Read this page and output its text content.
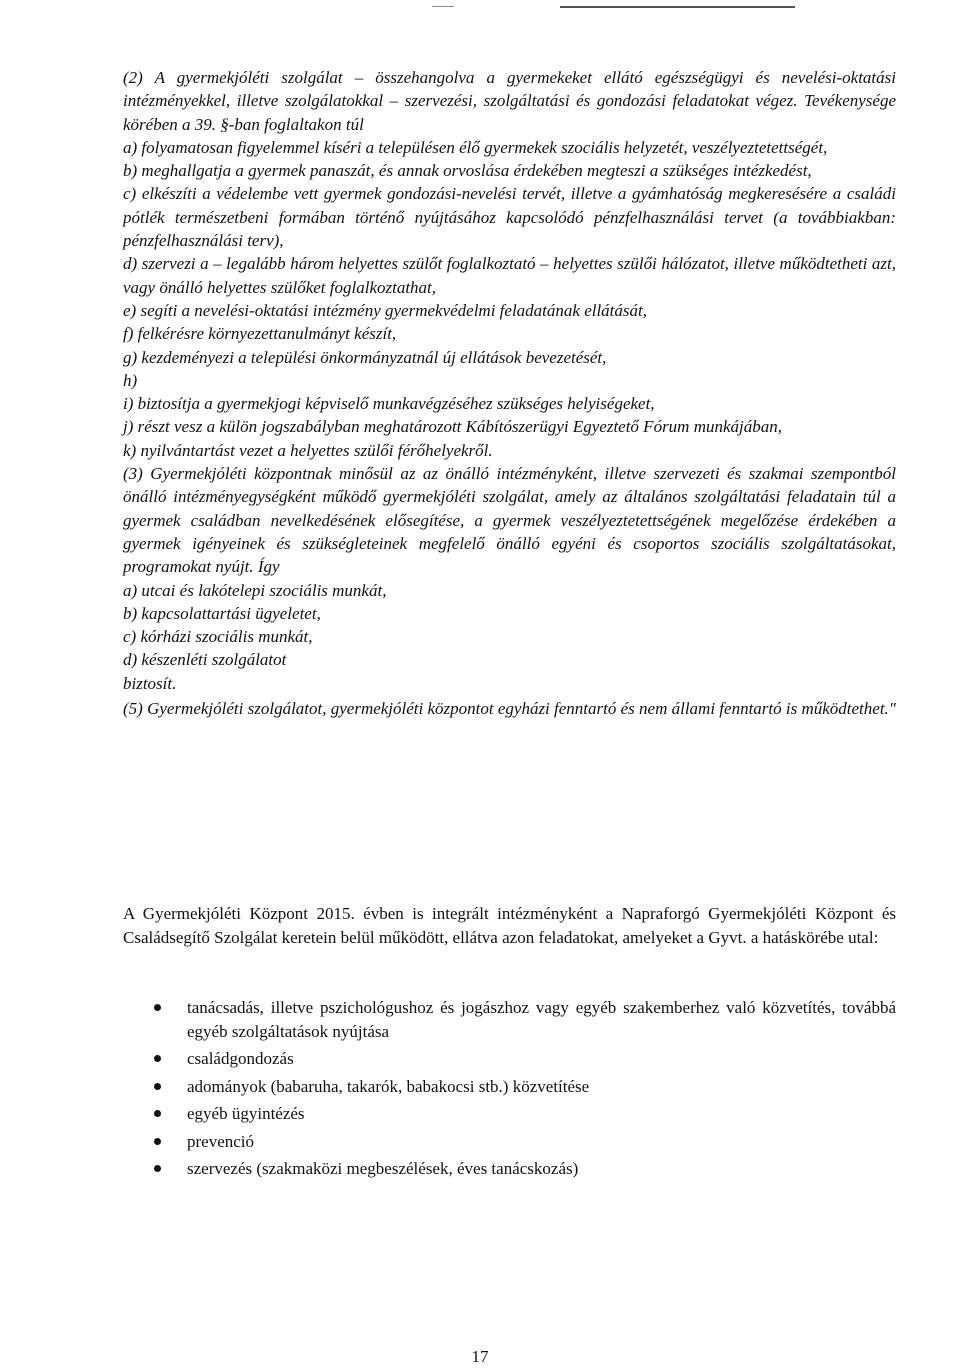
(2) A gyermekjóléti szolgálat – összehangolva a gyermekeket ellátó egészségügyi és nevelési-oktatási intézményekkel, illetve szolgálatokkal – szervezési, szolgáltatási és gondozási feladatokat végez. Tevékenysége körében a 39. §-ban foglaltakon túl

a) folyamatosan figyelemmel kíséri a településen élő gyermekek szociális helyzetét, veszélyeztetettségét,

b) meghallgatja a gyermek panaszát, és annak orvoslása érdekében megteszi a szükséges intézkedést,

c) elkészíti a védelembe vett gyermek gondozási-nevelési tervét, illetve a gyámhatóság megkeresésére a családi pótlék természetbeni formában történő nyújtásához kapcsolódó pénzfelhasználási tervet (a továbbiakban: pénzfelhasználási terv),

d) szervezi a – legalább három helyettes szülőt foglalkoztató – helyettes szülői hálózatot, illetve működtetheti azt, vagy önálló helyettes szülőket foglalkoztathat,

e) segíti a nevelési-oktatási intézmény gyermekvédelmi feladatának ellátását,

f) felkérésre környezettanulmányt készít,

g) kezdeményezi a települési önkormányzatnál új ellátások bevezetését,

h)

i) biztosítja a gyermekjogi képviselő munkavégzéséhez szükséges helyiségeket,

j) részt vesz a külön jogszabályban meghatározott Kábítószerügyi Egyeztető Fórum munkájában,

k) nyilvántartást vezet a helyettes szülői férőhelyekről.

(3) Gyermekjóléti központnak minősül az az önálló intézményként, illetve szervezeti és szakmai szempontból önálló intézményegységként működő gyermekjóléti szolgálat, amely az általános szolgáltatási feladatain túl a gyermek családban nevelkedésének elősegítése, a gyermek veszélyeztetettségének megelőzése érdekében a gyermek igényeinek és szükségleteinek megfelelő önálló egyéni és csoportos szociális szolgáltatásokat, programokat nyújt. Így

a) utcai és lakótelepi szociális munkát,

b) kapcsolattartási ügyeletet,

c) kórházi szociális munkát,

d) készenléti szolgálatot

biztosít.

(5) Gyermekjóléti szolgálatot, gyermekjóléti központot egyházi fenntartó és nem állami fenntartó is működtethet."

A Gyermekjóléti Központ 2015. évben is integrált intézményként a Napraforgó Gyermekjóléti Központ és Családsegítő Szolgálat keretein belül működött, ellátva azon feladatokat, amelyeket a Gyvt. a hatáskörébe utal:

tanácsadás, illetve pszichológushoz és jogászhoz vagy egyéb szakemberhez való közvetítés, továbbá egyéb szolgáltatások nyújtása
családgondozás
adományok (babaruha, takarók, babakocsi stb.) közvetítése
egyéb ügyintézés
prevenció
szervezés (szakmaközi megbeszélések, éves tanácskozás)
17
